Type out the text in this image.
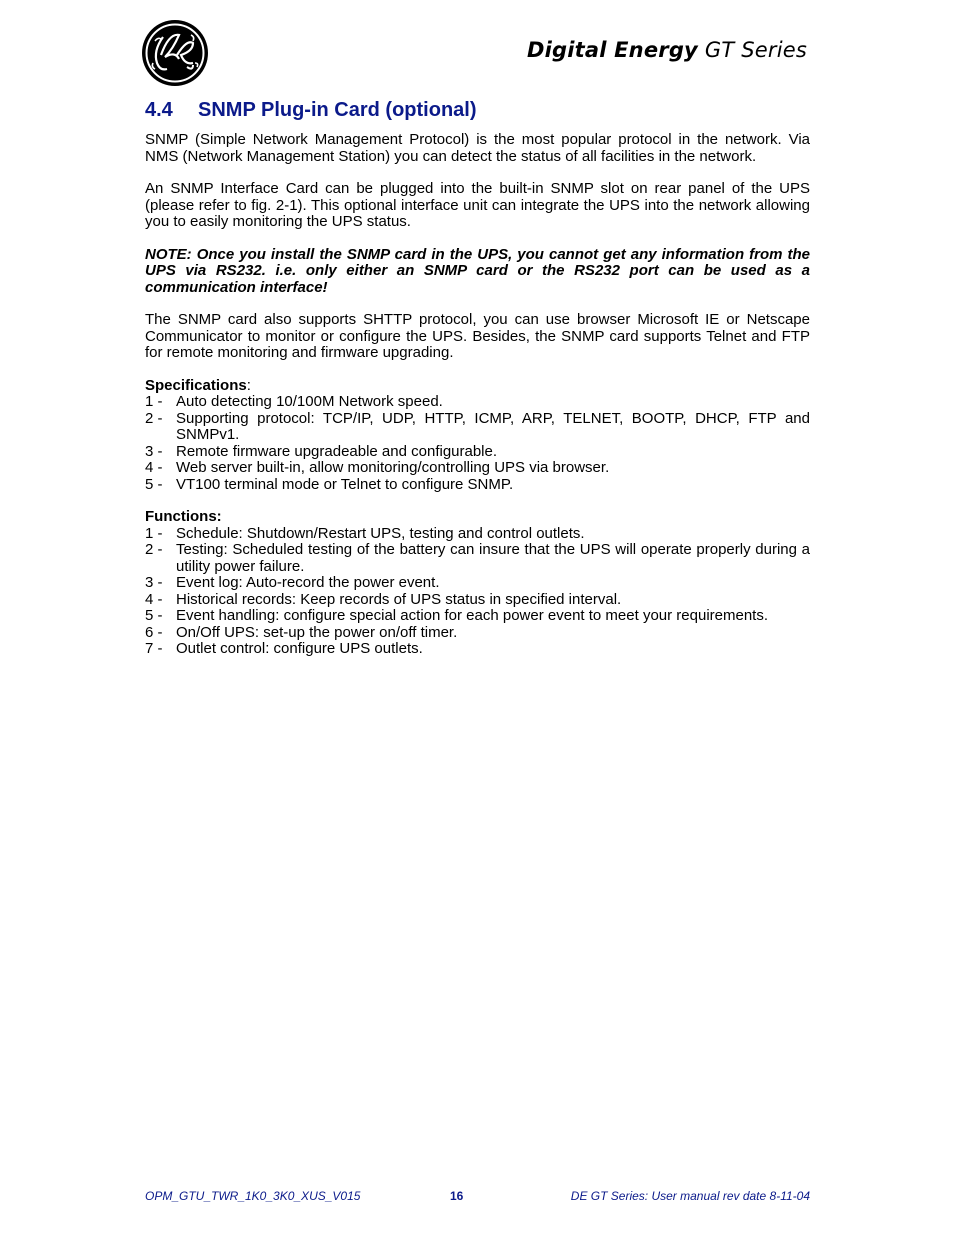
Digital Energy GT Series
4.4 SNMP Plug-in Card (optional)

SNMP (Simple Network Management Protocol) is the most popular protocol in the network. Via NMS (Network Management Station) you can detect the status of all facilities in the network.

An SNMP Interface Card can be plugged into the built-in SNMP slot on rear panel of the UPS (please refer to fig. 2-1). This optional interface unit can integrate the UPS into the network allowing you to easily monitoring the UPS status.

NOTE: Once you install the SNMP card in the UPS, you cannot get any information from the UPS via RS232. i.e. only either an SNMP card or the RS232 port can be used as a communication interface!

The SNMP card also supports SHTTP protocol, you can use browser Microsoft IE or Netscape Communicator to monitor or configure the UPS. Besides, the SNMP card supports Telnet and FTP for remote monitoring and firmware upgrading.

Specifications:
1 - Auto detecting 10/100M Network speed.
2 - Supporting protocol: TCP/IP, UDP, HTTP, ICMP, ARP, TELNET, BOOTP, DHCP, FTP and SNMPv1.
3 - Remote firmware upgradeable and configurable.
4 - Web server built-in, allow monitoring/controlling UPS via browser.
5 - VT100 terminal mode or Telnet to configure SNMP.
Functions:
1 - Schedule: Shutdown/Restart UPS, testing and control outlets.
2 - Testing: Scheduled testing of the battery can insure that the UPS will operate properly during a utility power failure.
3 - Event log: Auto-record the power event.
4 - Historical records: Keep records of UPS status in specified interval.
5 - Event handling: configure special action for each power event to meet your requirements.
6 - On/Off UPS: set-up the power on/off timer.
7 - Outlet control: configure UPS outlets.
OPM_GTU_TWR_1K0_3K0_XUS_V015	16	DE GT Series: User manual rev date 8-11-04
